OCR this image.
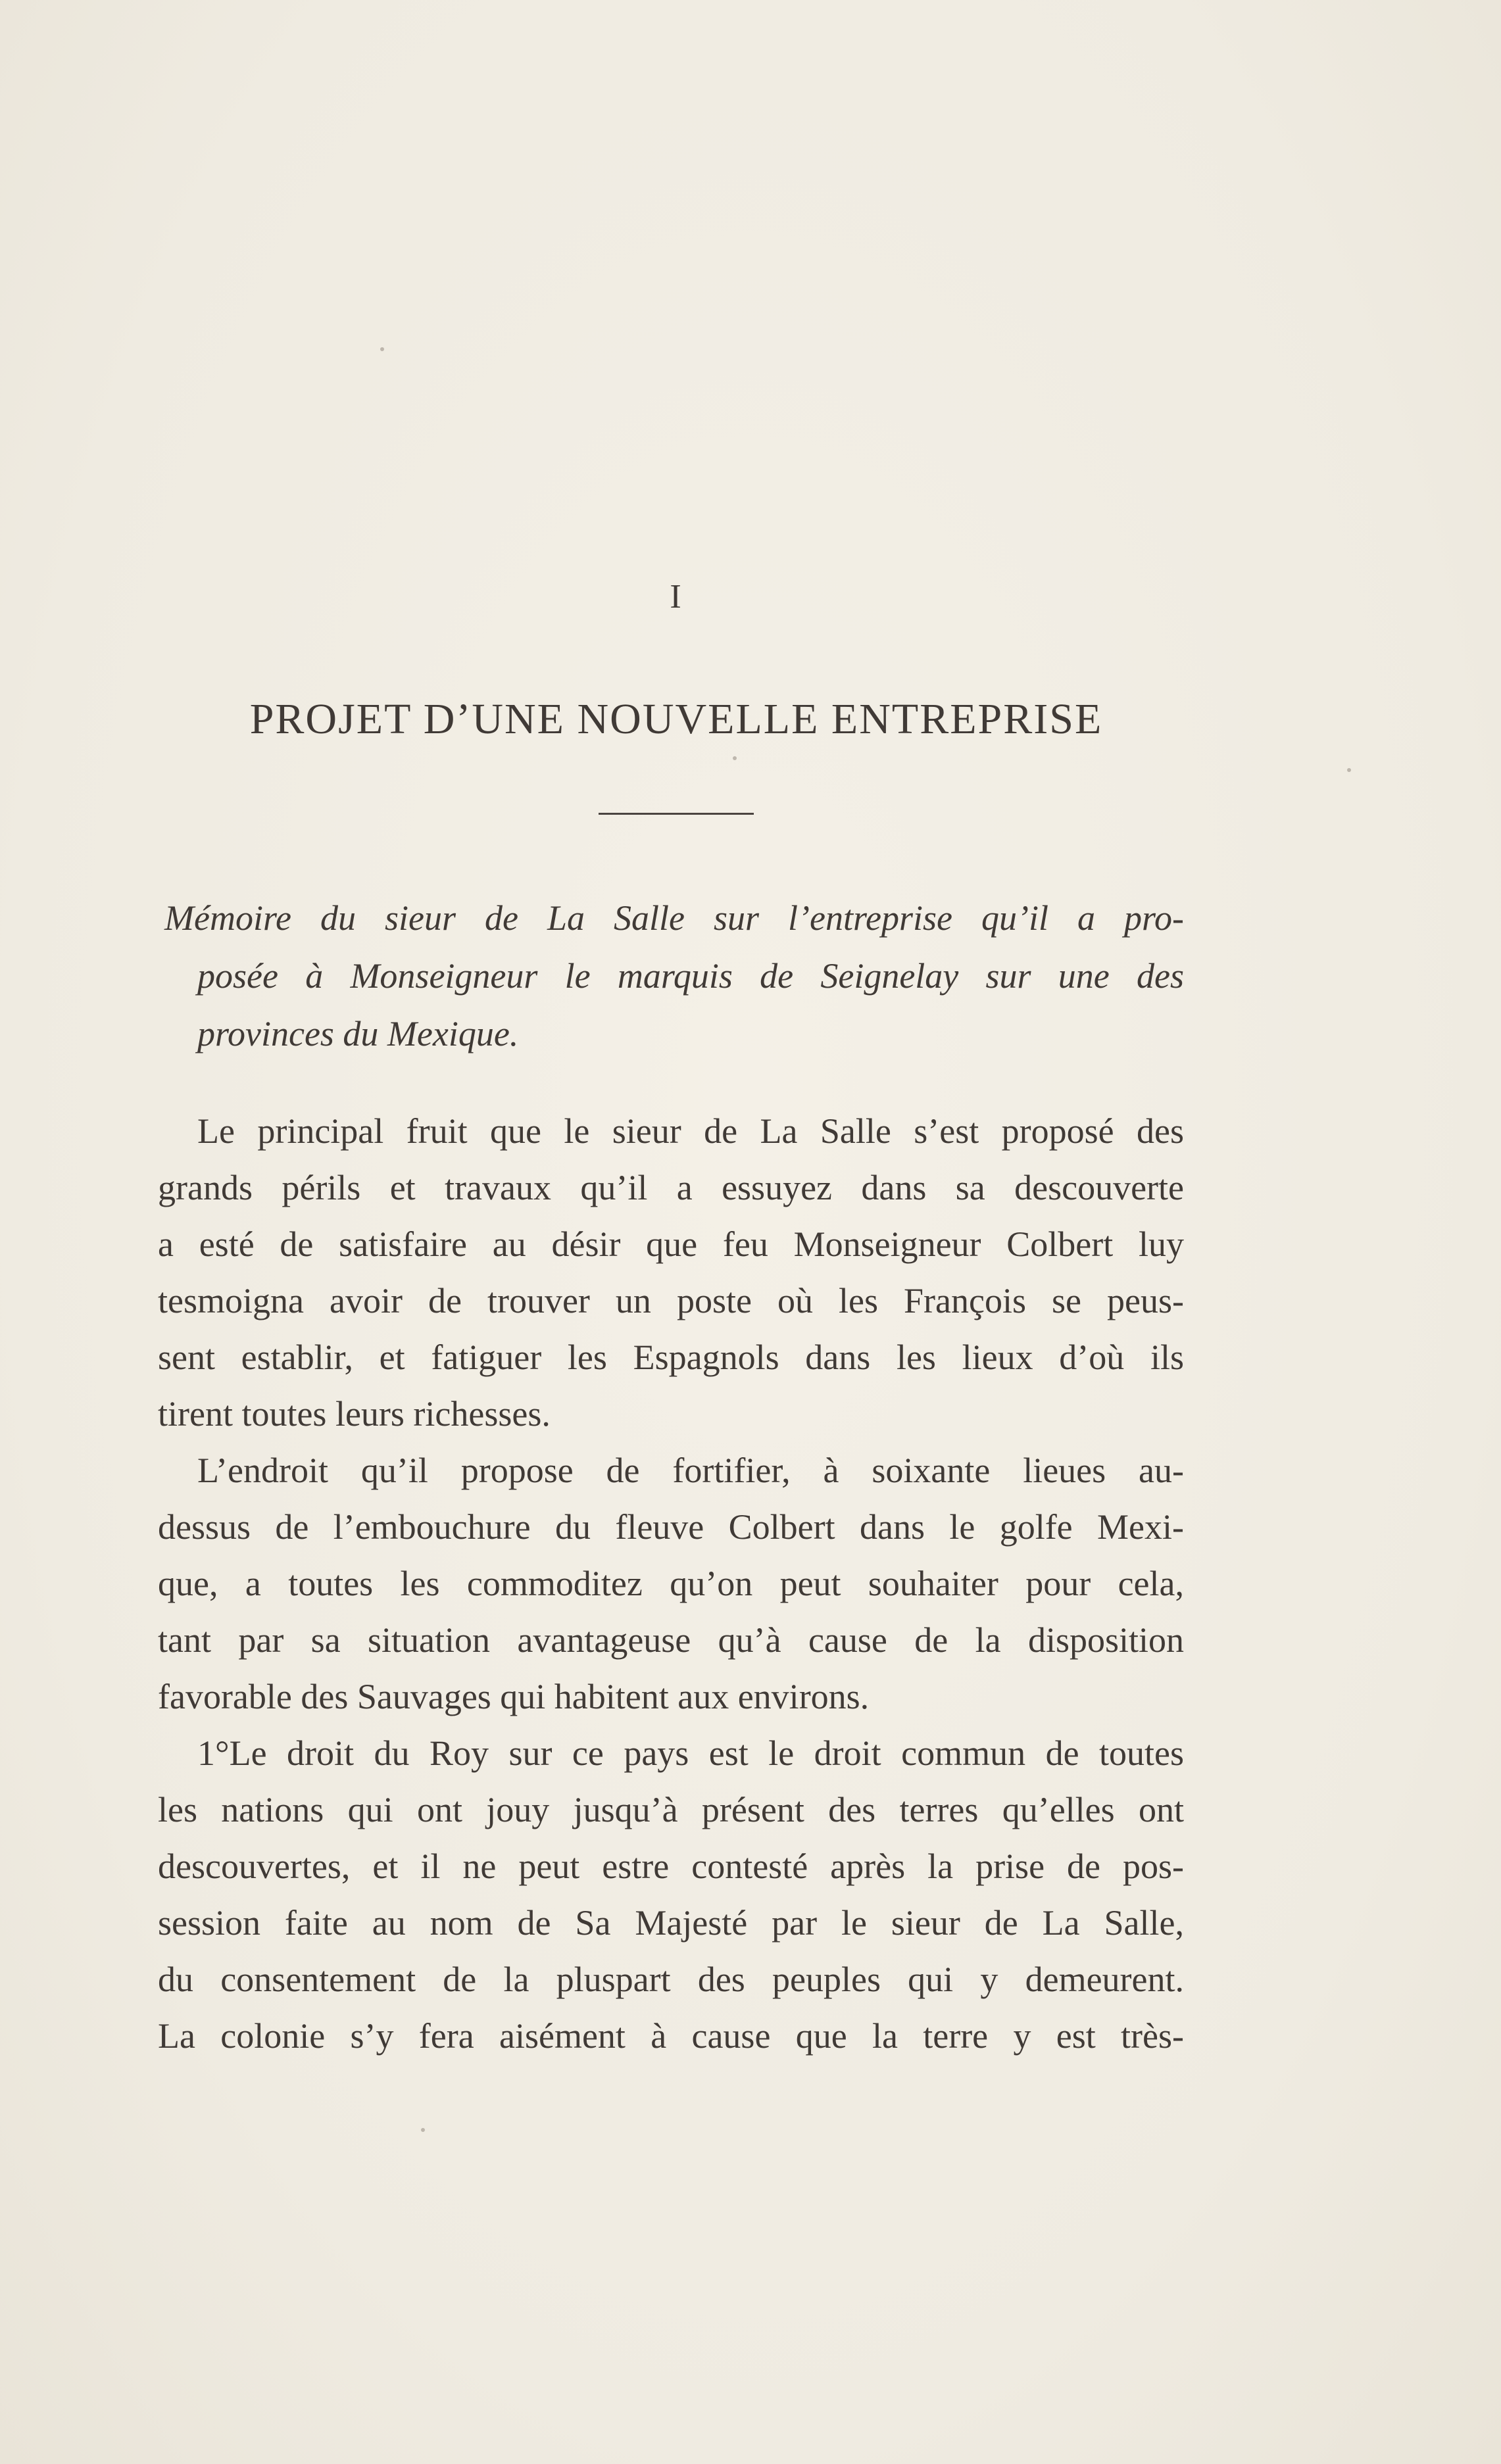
I
PROJET D’UNE NOUVELLE ENTREPRISE
Mémoire du sieur de La Salle sur l’entreprise qu’il a pro-
posée à Monseigneur le marquis de Seignelay sur une des
provinces du Mexique.
Le principal fruit que le sieur de La Salle s’est proposé des
grands périls et travaux qu’il a essuyez dans sa descouverte
a esté de satisfaire au désir que feu Monseigneur Colbert luy
tesmoigna avoir de trouver un poste où les François se peus-
sent establir, et fatiguer les Espagnols dans les lieux d’où ils
tirent toutes leurs richesses.
L’endroit qu’il propose de fortifier, à soixante lieues au-
dessus de l’embouchure du fleuve Colbert dans le golfe Mexi-
que, a toutes les commoditez qu’on peut souhaiter pour cela,
tant par sa situation avantageuse qu’à cause de la disposition
favorable des Sauvages qui habitent aux environs.
1°Le droit du Roy sur ce pays est le droit commun de toutes
les nations qui ont jouy jusqu’à présent des terres qu’elles ont
descouvertes, et il ne peut estre contesté après la prise de pos-
session faite au nom de Sa Majesté par le sieur de La Salle,
du consentement de la pluspart des peuples qui y demeurent.
La colonie s’y fera aisément à cause que la terre y est très-
